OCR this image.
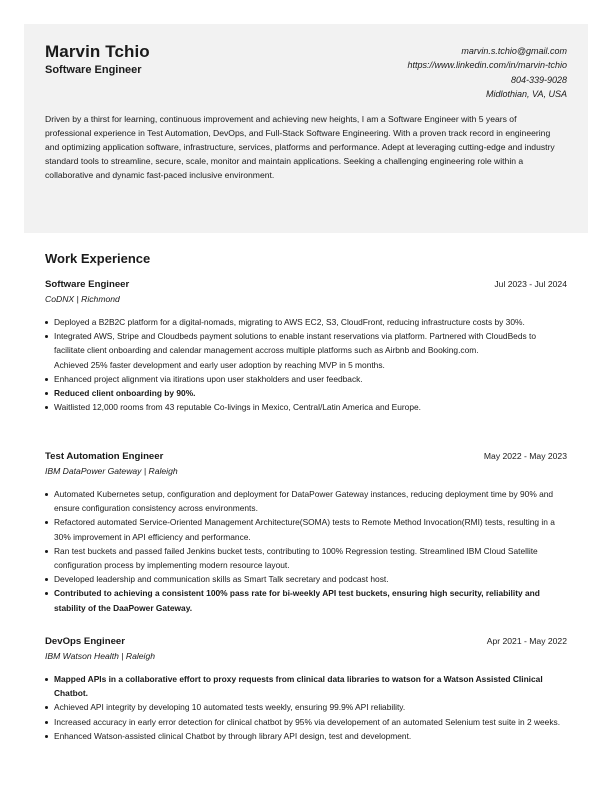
Marvin Tchio
Software Engineer
marvin.s.tchio@gmail.com
https://www.linkedin.com/in/marvin-tchio
804-339-9028
Midlothian, VA, USA
Driven by a thirst for learning, continuous improvement and achieving new heights, I am a Software Engineer with 5 years of professional experience in Test Automation, DevOps, and Full-Stack Software Engineering. With a proven track record in engineering and optimizing application software, infrastructure, services, platforms and performance. Adept at leveraging cutting-edge and industry standard tools to streamline, secure, scale, monitor and maintain applications. Seeking a challenging engineering role within a collaborative and dynamic fast-paced inclusive environment.
Work Experience
Software Engineer	Jul 2023 - Jul 2024
CoDNX | Richmond
Deployed a B2B2C platform for a digital-nomads, migrating to AWS EC2, S3, CloudFront, reducing infrastructure costs by 30%.
Integrated AWS, Stripe and Cloudbeds payment solutions to enable instant reservations via platform. Partnered with CloudBeds to facilitate client onboarding and calendar management accross multiple platforms such as Airbnb and Booking.com.
Achieved 25% faster development and early user adoption by reaching MVP in 5 months.
Enhanced project alignment via itirations upon user stakholders and user feedback.
Reduced client onboarding by 90%.
Waitlisted 12,000 rooms from 43 reputable Co-livings in Mexico, Central/Latin America and Europe.
Test Automation Engineer	May 2022 - May 2023
IBM DataPower Gateway | Raleigh
Automated Kubernetes setup, configuration and deployment for DataPower Gateway instances, reducing deployment time by 90% and ensure configuration consistency across environments.
Refactored automated Service-Oriented Management Architecture(SOMA) tests to Remote Method Invocation(RMI) tests, resulting in a 30% improvement in API efficiency and performance.
Ran test buckets and passed failed Jenkins bucket tests, contributing to 100% Regression testing. Streamlined IBM Cloud Satellite configuration process by implementing modern resource layout.
Developed leadership and communication skills as Smart Talk secretary and podcast host.
Contributed to achieving a consistent 100% pass rate for bi-weekly API test buckets, ensuring high security, reliability and stability of the DaaPower Gateway.
DevOps Engineer	Apr 2021 - May 2022
IBM Watson Health | Raleigh
Mapped APIs in a collaborative effort to proxy requests from clinical data libraries to watson for a Watson Assisted Clinical Chatbot.
Achieved API integrity by developing 10 automated tests weekly, ensuring 99.9% API reliability.
Increased accuracy in early error detection for clinical chatbot by 95% via developement of an automated Selenium test suite in 2 weeks.
Enhanced Watson-assisted clinical Chatbot by through library API design, test and development.
